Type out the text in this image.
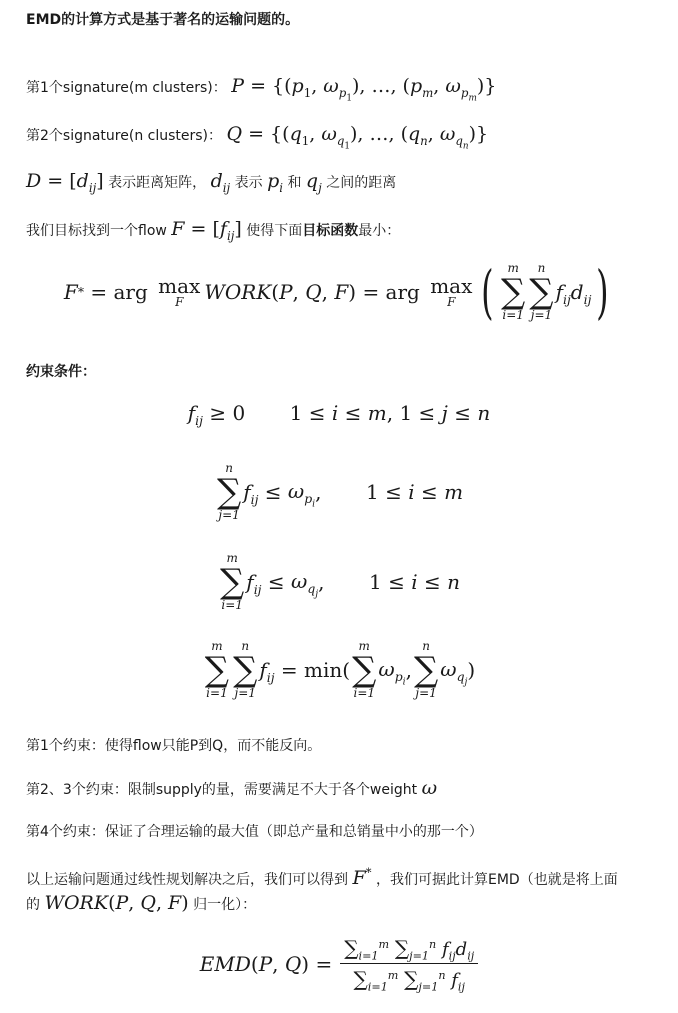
EMD的计算方式是基于著名的运输问题的。
第1个signature(m clusters)： $P = \{(p_1$, $\omega_{p_1}$), …, ($p_m$, $\omega_{p_m}$)}
第2个signature(n clusters)： $Q = \{(q_1$, $\omega_{q_1}$), …, ($q_n$, $\omega_{q_n}$)}
$D = [d_{ij}]$ 表示距离矩阵， $d_{ij}$ 表示 $p_i$ 和 $q_j$ 之间的距离
我们目标找到一个flow $F = [f_{ij}]$ 使得下面目标函数最小：
F * = arg max
F WORK ( P , Q , F ) = arg max
F ( m
∑
i=1
n
∑
j=1
$f_{ij}d_{ij}$ )
约束条件：
$f_{ij} \ge 0$       1 ≤ i ≤ m , 1 ≤ j ≤ n
n
∑
j=1
$f_{ij} \le \omega_{p_i}$
,       1 ≤ i ≤ m
m
∑
i=1
$f_{ij} \le \omega_{q_j}$
,       1 ≤ i ≤ n
m
∑
i=1
n
∑
j=1
$f_{ij} = \min$(
m
∑
i=1
$\omega_{p_i}$
,
n
∑
j=1
$\omega_{q_j}$
)
第1个约束：使得flow只能P到Q，而不能反向。
第2、3个约束：限制supply的量，需要满足不大于各个weight ω
第4个约束：保证了合理运输的最大值（即总产量和总销量中小的那一个）
以上运输问题通过线性规划解决之后，我们可以得到 F* ，我们可据此计算EMD（也就是将上面
的 WORK(P, Q, F) 归一化）：
EMD ( P , Q ) = $\frac{\sum_{i=1}^m \sum_{j=1}^n f_{ij}d_{ij}}{\sum_{i=1}^m \sum_{j=1}^n f_{ij}}$
